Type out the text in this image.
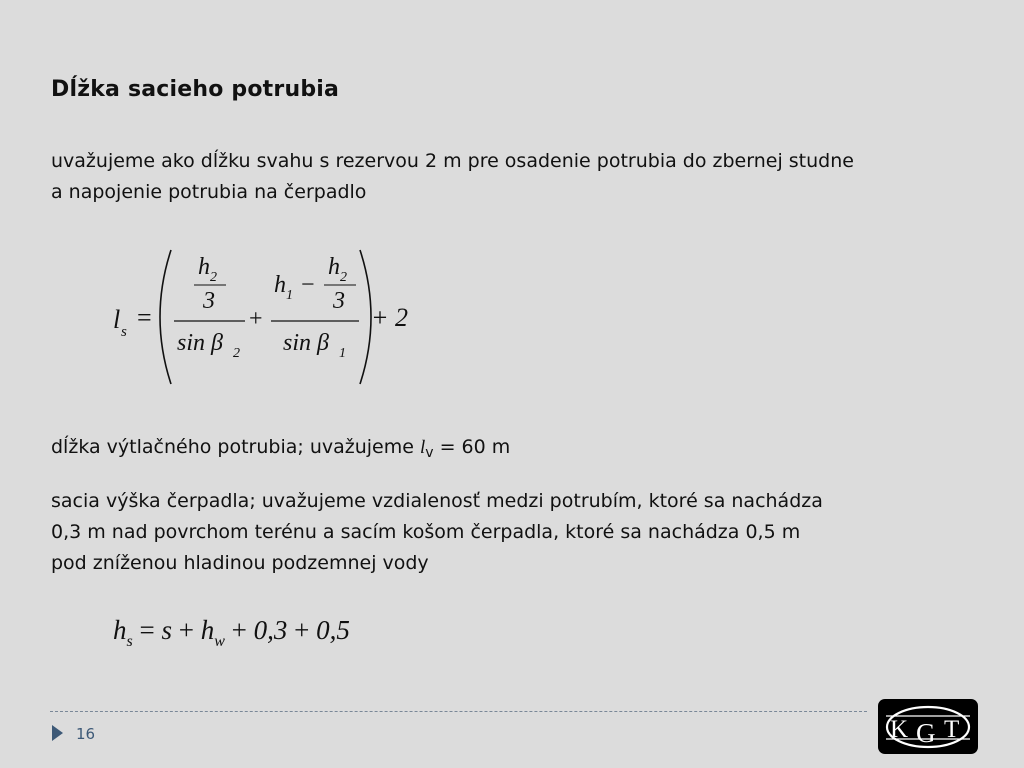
Dĺžka sacieho potrubia
uvažujeme ako dĺžku svahu s rezervou 2 m pre osadenie potrubia do zbernej studne
a napojenie potrubia na čerpadlo
l s =
h 2
3
sin β 2
+
h 1 −
h 2
3
sin β 1
+ 2
dĺžka výtlačného potrubia; uvažujeme $l_v = 60$ m
sacia výška čerpadla; uvažujeme vzdialenosť medzi potrubím, ktoré sa nachádza
0,3 m nad povrchom terénu a sacím košom čerpadla, ktoré sa nachádza 0,5 m
pod zníženou hladinou podzemnej vody
$h_s = s + h_w + 0,3 + 0,5$
16	K G T
